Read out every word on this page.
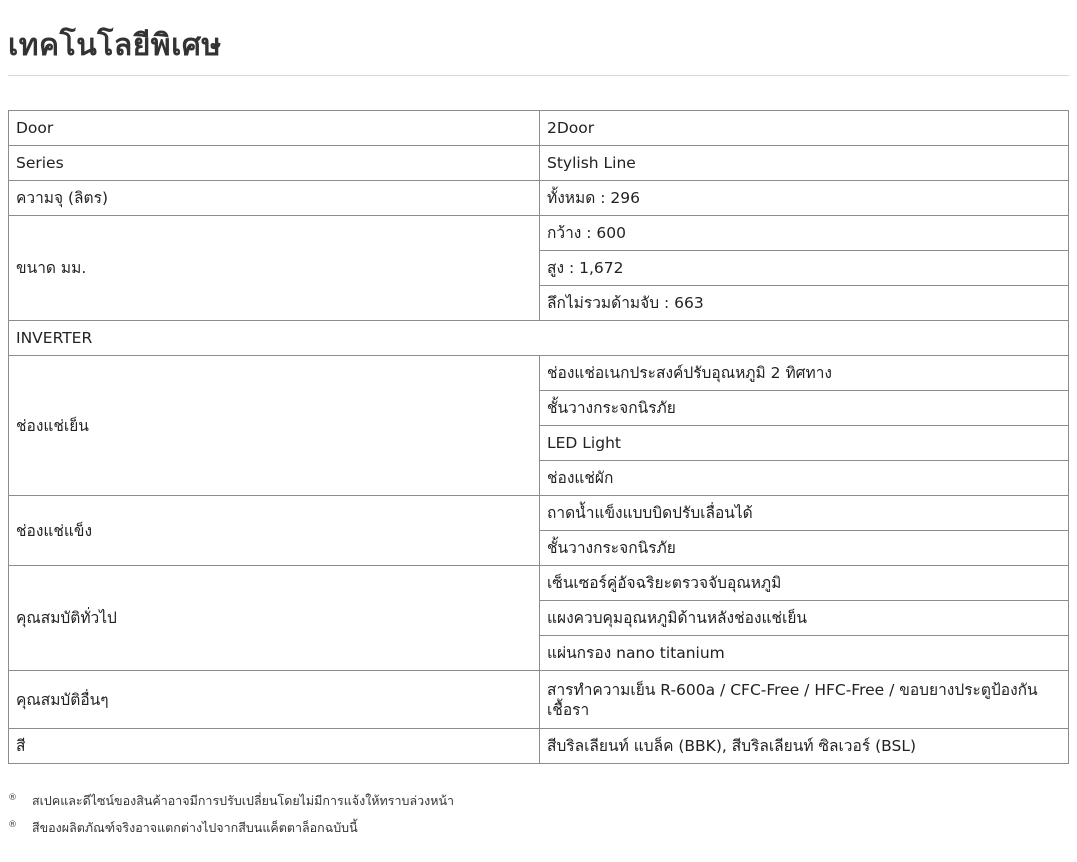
เทคโนโลยีพิเศษ
Door	2Door
Series	Stylish Line
ความจุ (ลิตร)	ทั้งหมด : 296
ขนาด มม.	กว้าง : 600
	สูง : 1,672
	ลึกไม่รวมด้ามจับ : 663
INVERTER	
ช่องแช่เย็น	ช่องแช่อเนกประสงค์ปรับอุณหภูมิ 2 ทิศทาง
	ชั้นวางกระจกนิรภัย
	LED Light
	ช่องแช่ผัก
ช่องแช่แข็ง	ถาดน้ำแข็งแบบบิดปรับเลื่อนได้
	ชั้นวางกระจกนิรภัย
คุณสมบัติทั่วไป	เซ็นเซอร์คู่อัจฉริยะตรวจจับอุณหภูมิ
	แผงควบคุมอุณหภูมิด้านหลังช่องแช่เย็น
	แผ่นกรอง nano titanium
คุณสมบัติอื่นๆ	สารทำความเย็น R-600a / CFC-Free / HFC-Free / ขอบยางประตูป้องกันเชื้อรา
สี	สีบริลเลียนท์ แบล็ค (BBK), สีบริลเลียนท์ ซิลเวอร์ (BSL)
® สเปคและดีไซน์ของสินค้าอาจมีการปรับเปลี่ยนโดยไม่มีการแจ้งให้ทราบล่วงหน้า
® สีของผลิตภัณฑ์จริงอาจแตกต่างไปจากสีบนแค็ตตาล็อกฉบับนี้
